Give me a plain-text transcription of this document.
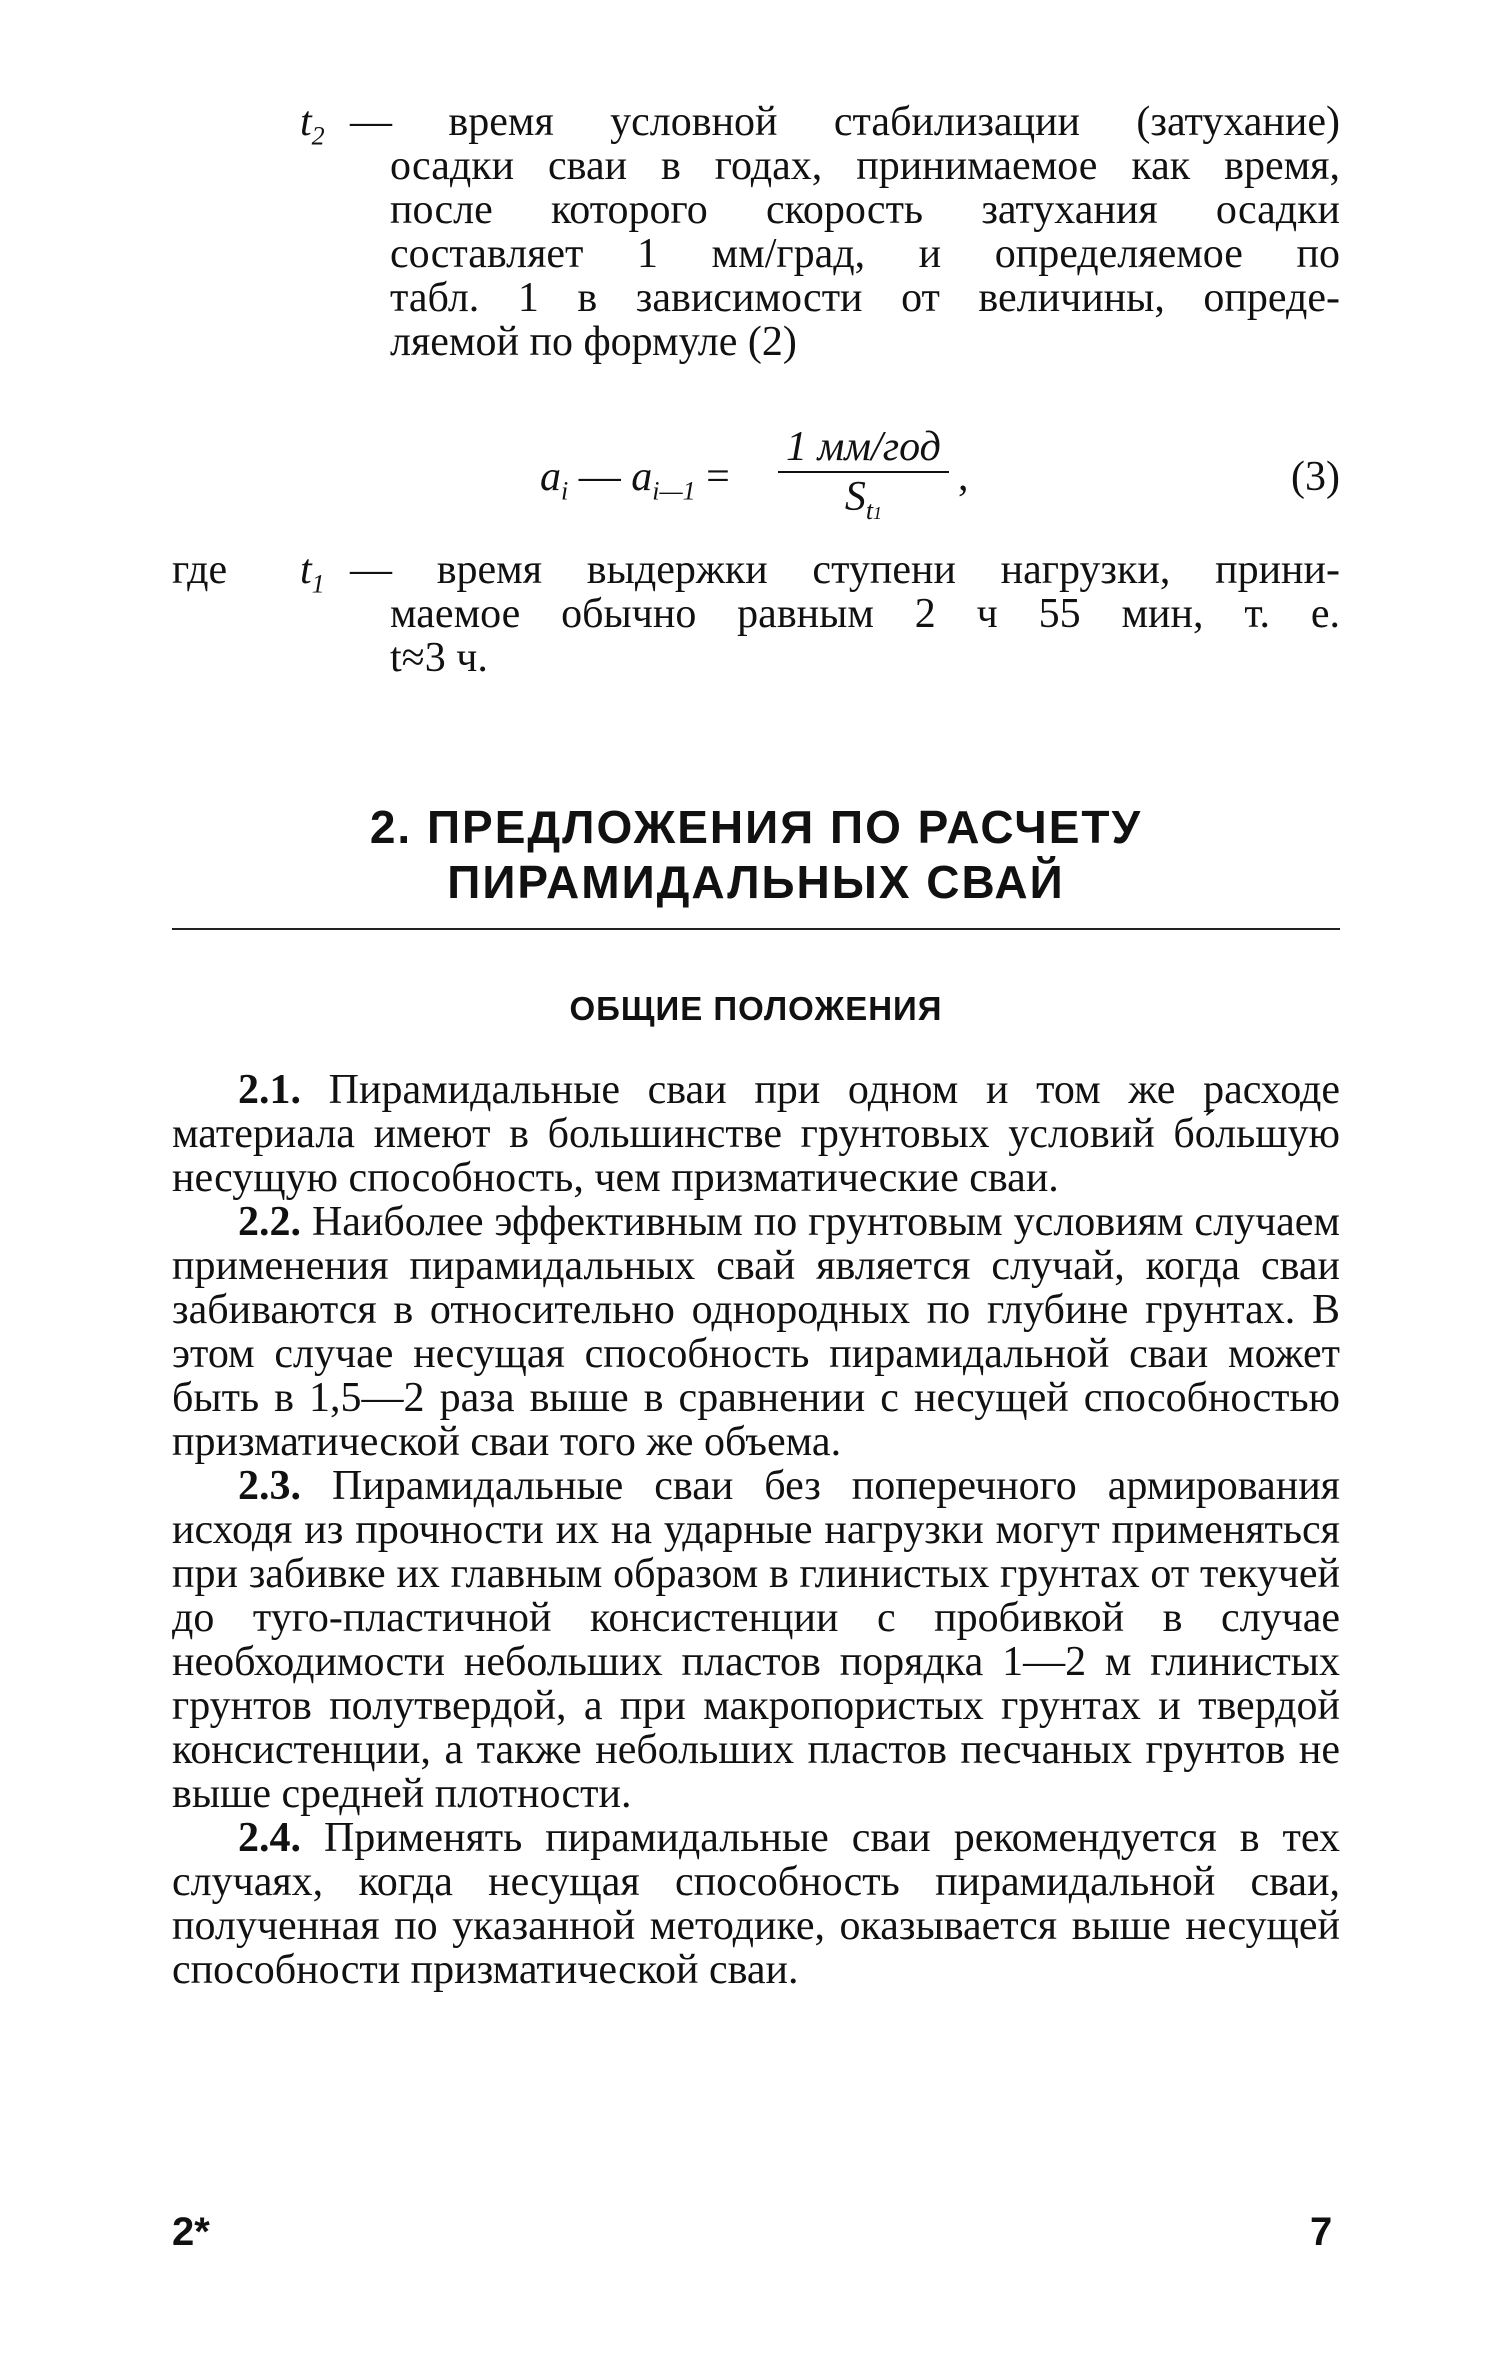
$t_2$ — время условной стабилизации (затухание)
осадки сваи в годах, принимаемое как время,
после которого скорость затухания осадки
составляет 1 мм/град, и определяемое по
табл. 1 в зависимости от величины, опреде-
ляемой по формуле (2)
$a_i$ — $a_{i—1}$ =
1 мм/год
$S_{t1}$
,	(3)
где $t_1$ — время выдержки ступени нагрузки, прини-
маемое обычно равным 2 ч 55 мин, т. е.
t≈3 ч.
2. ПРЕДЛОЖЕНИЯ ПО РАСЧЕТУ
ПИРАМИДАЛЬНЫХ СВАЙ
ОБЩИЕ ПОЛОЖЕНИЯ

2.1. Пирамидальные сваи при одном и том же расходе материала имеют в большинстве грунтовых условий бо́льшую несущую способность, чем призматические сваи.

2.2. Наиболее эффективным по грунтовым условиям случаем применения пирамидальных свай является случай, когда сваи забиваются в относительно однородных по глубине грунтах. В этом случае несущая способность пирамидальной сваи может быть в 1,5—2 раза выше в сравнении с несущей способностью призматической сваи того же объема.

2.3. Пирамидальные сваи без поперечного армирования исходя из прочности их на ударные нагрузки могут применяться при забивке их главным образом в глинистых грунтах от текучей до туго-пластичной консистенции с пробивкой в случае необходимости небольших пластов порядка 1—2 м глинистых грунтов полутвердой, а при макропористых грунтах и твердой консистенции, а также небольших пластов песчаных грунтов не выше средней плотности.

2.4. Применять пирамидальные сваи рекомендуется в тех случаях, когда несущая способность пирамидальной сваи, полученная по указанной методике, оказывается выше несущей способности призматической сваи.

2*	7
